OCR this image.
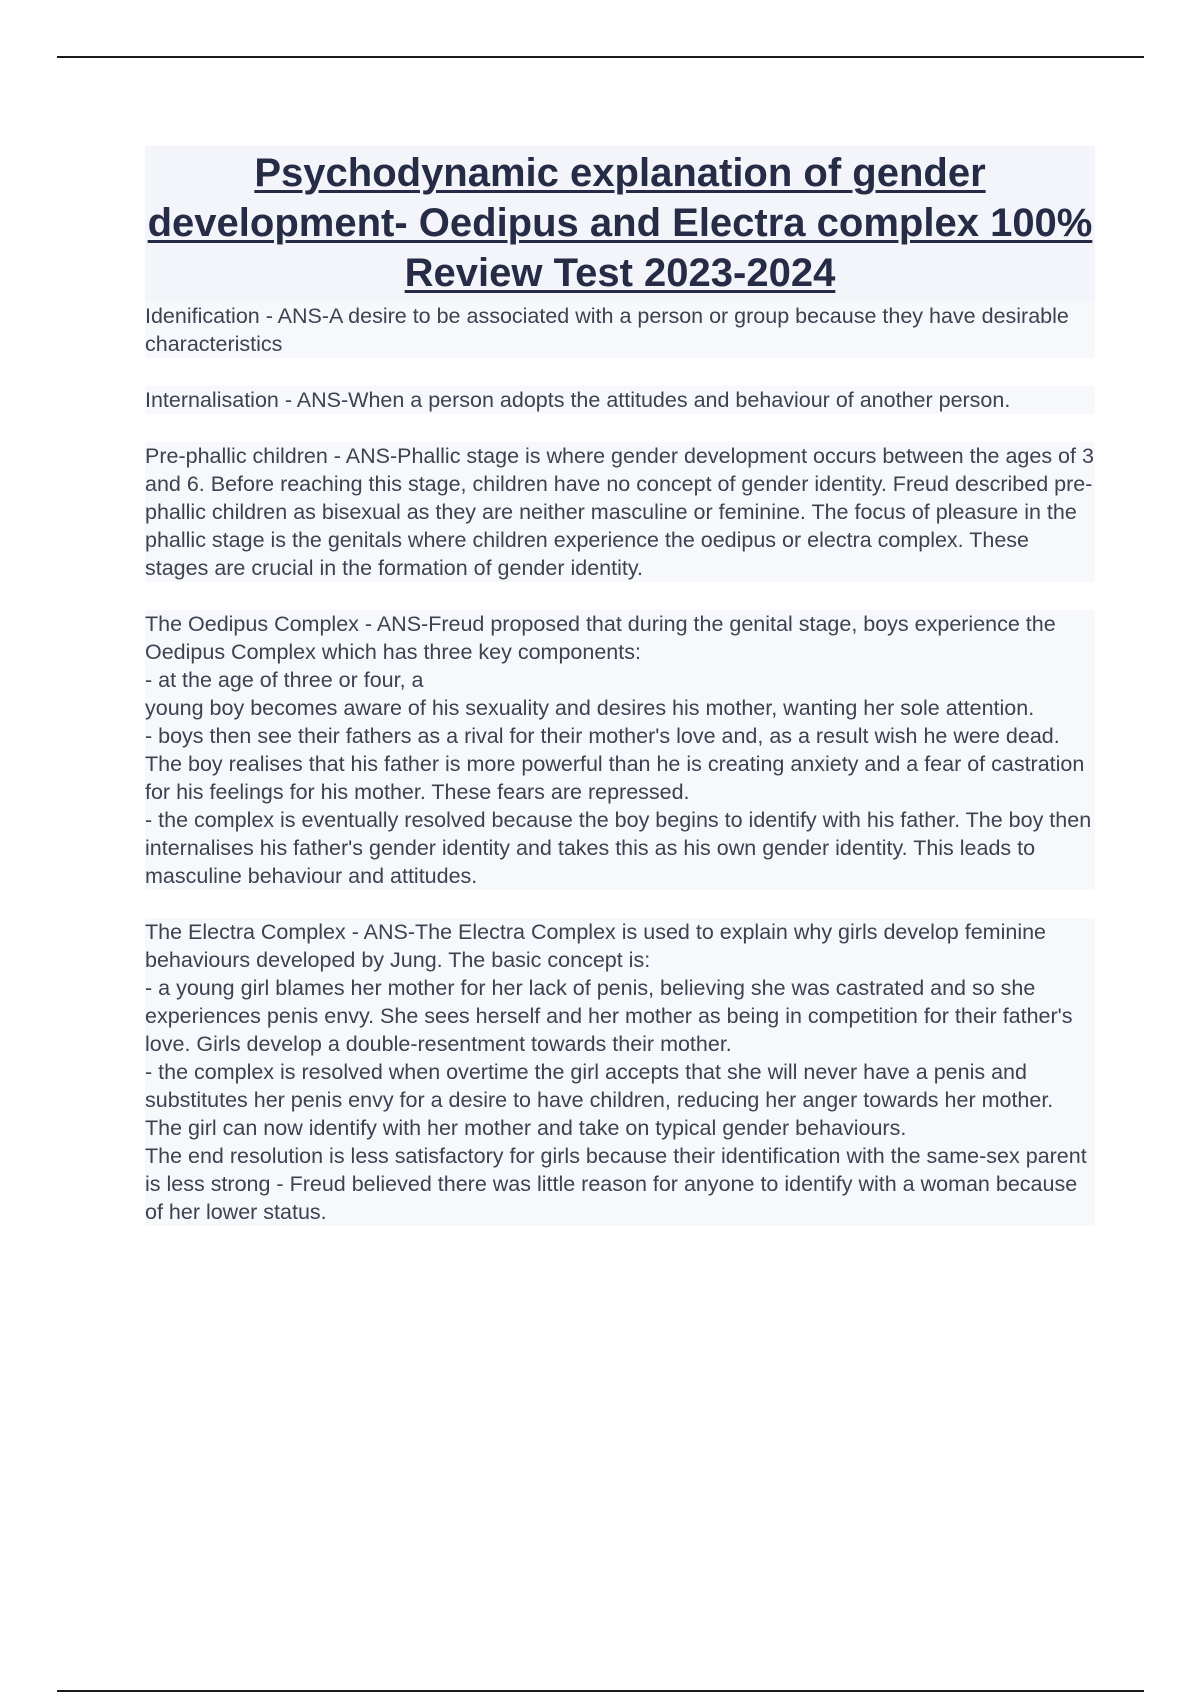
Psychodynamic explanation of gender development- Oedipus and Electra complex 100% Review Test 2023-2024

Idenification - ANS-A desire to be associated with a person or group because they have desirable characteristics

Internalisation - ANS-When a person adopts the attitudes and behaviour of another person.

Pre-phallic children - ANS-Phallic stage is where gender development occurs between the ages of 3 and 6. Before reaching this stage, children have no concept of gender identity. Freud described pre-phallic children as bisexual as they are neither masculine or feminine. The focus of pleasure in the phallic stage is the genitals where children experience the oedipus or electra complex. These stages are crucial in the formation of gender identity.

The Oedipus Complex - ANS-Freud proposed that during the genital stage, boys experience the Oedipus Complex which has three key components:
- at the age of three or four, a
young boy becomes aware of his sexuality and desires his mother, wanting her sole attention.
- boys then see their fathers as a rival for their mother's love and, as a result wish he were dead. The boy realises that his father is more powerful than he is creating anxiety and a fear of castration for his feelings for his mother. These fears are repressed.
- the complex is eventually resolved because the boy begins to identify with his father. The boy then internalises his father's gender identity and takes this as his own gender identity. This leads to masculine behaviour and attitudes.

The Electra Complex - ANS-The Electra Complex is used to explain why girls develop feminine behaviours developed by Jung. The basic concept is:
- a young girl blames her mother for her lack of penis, believing she was castrated and so she experiences penis envy. She sees herself and her mother as being in competition for their father's love. Girls develop a double-resentment towards their mother.
- the complex is resolved when overtime the girl accepts that she will never have a penis and substitutes her penis envy for a desire to have children, reducing her anger towards her mother. The girl can now identify with her mother and take on typical gender behaviours.
The end resolution is less satisfactory for girls because their identification with the same-sex parent is less strong - Freud believed there was little reason for anyone to identify with a woman because of her lower status.
